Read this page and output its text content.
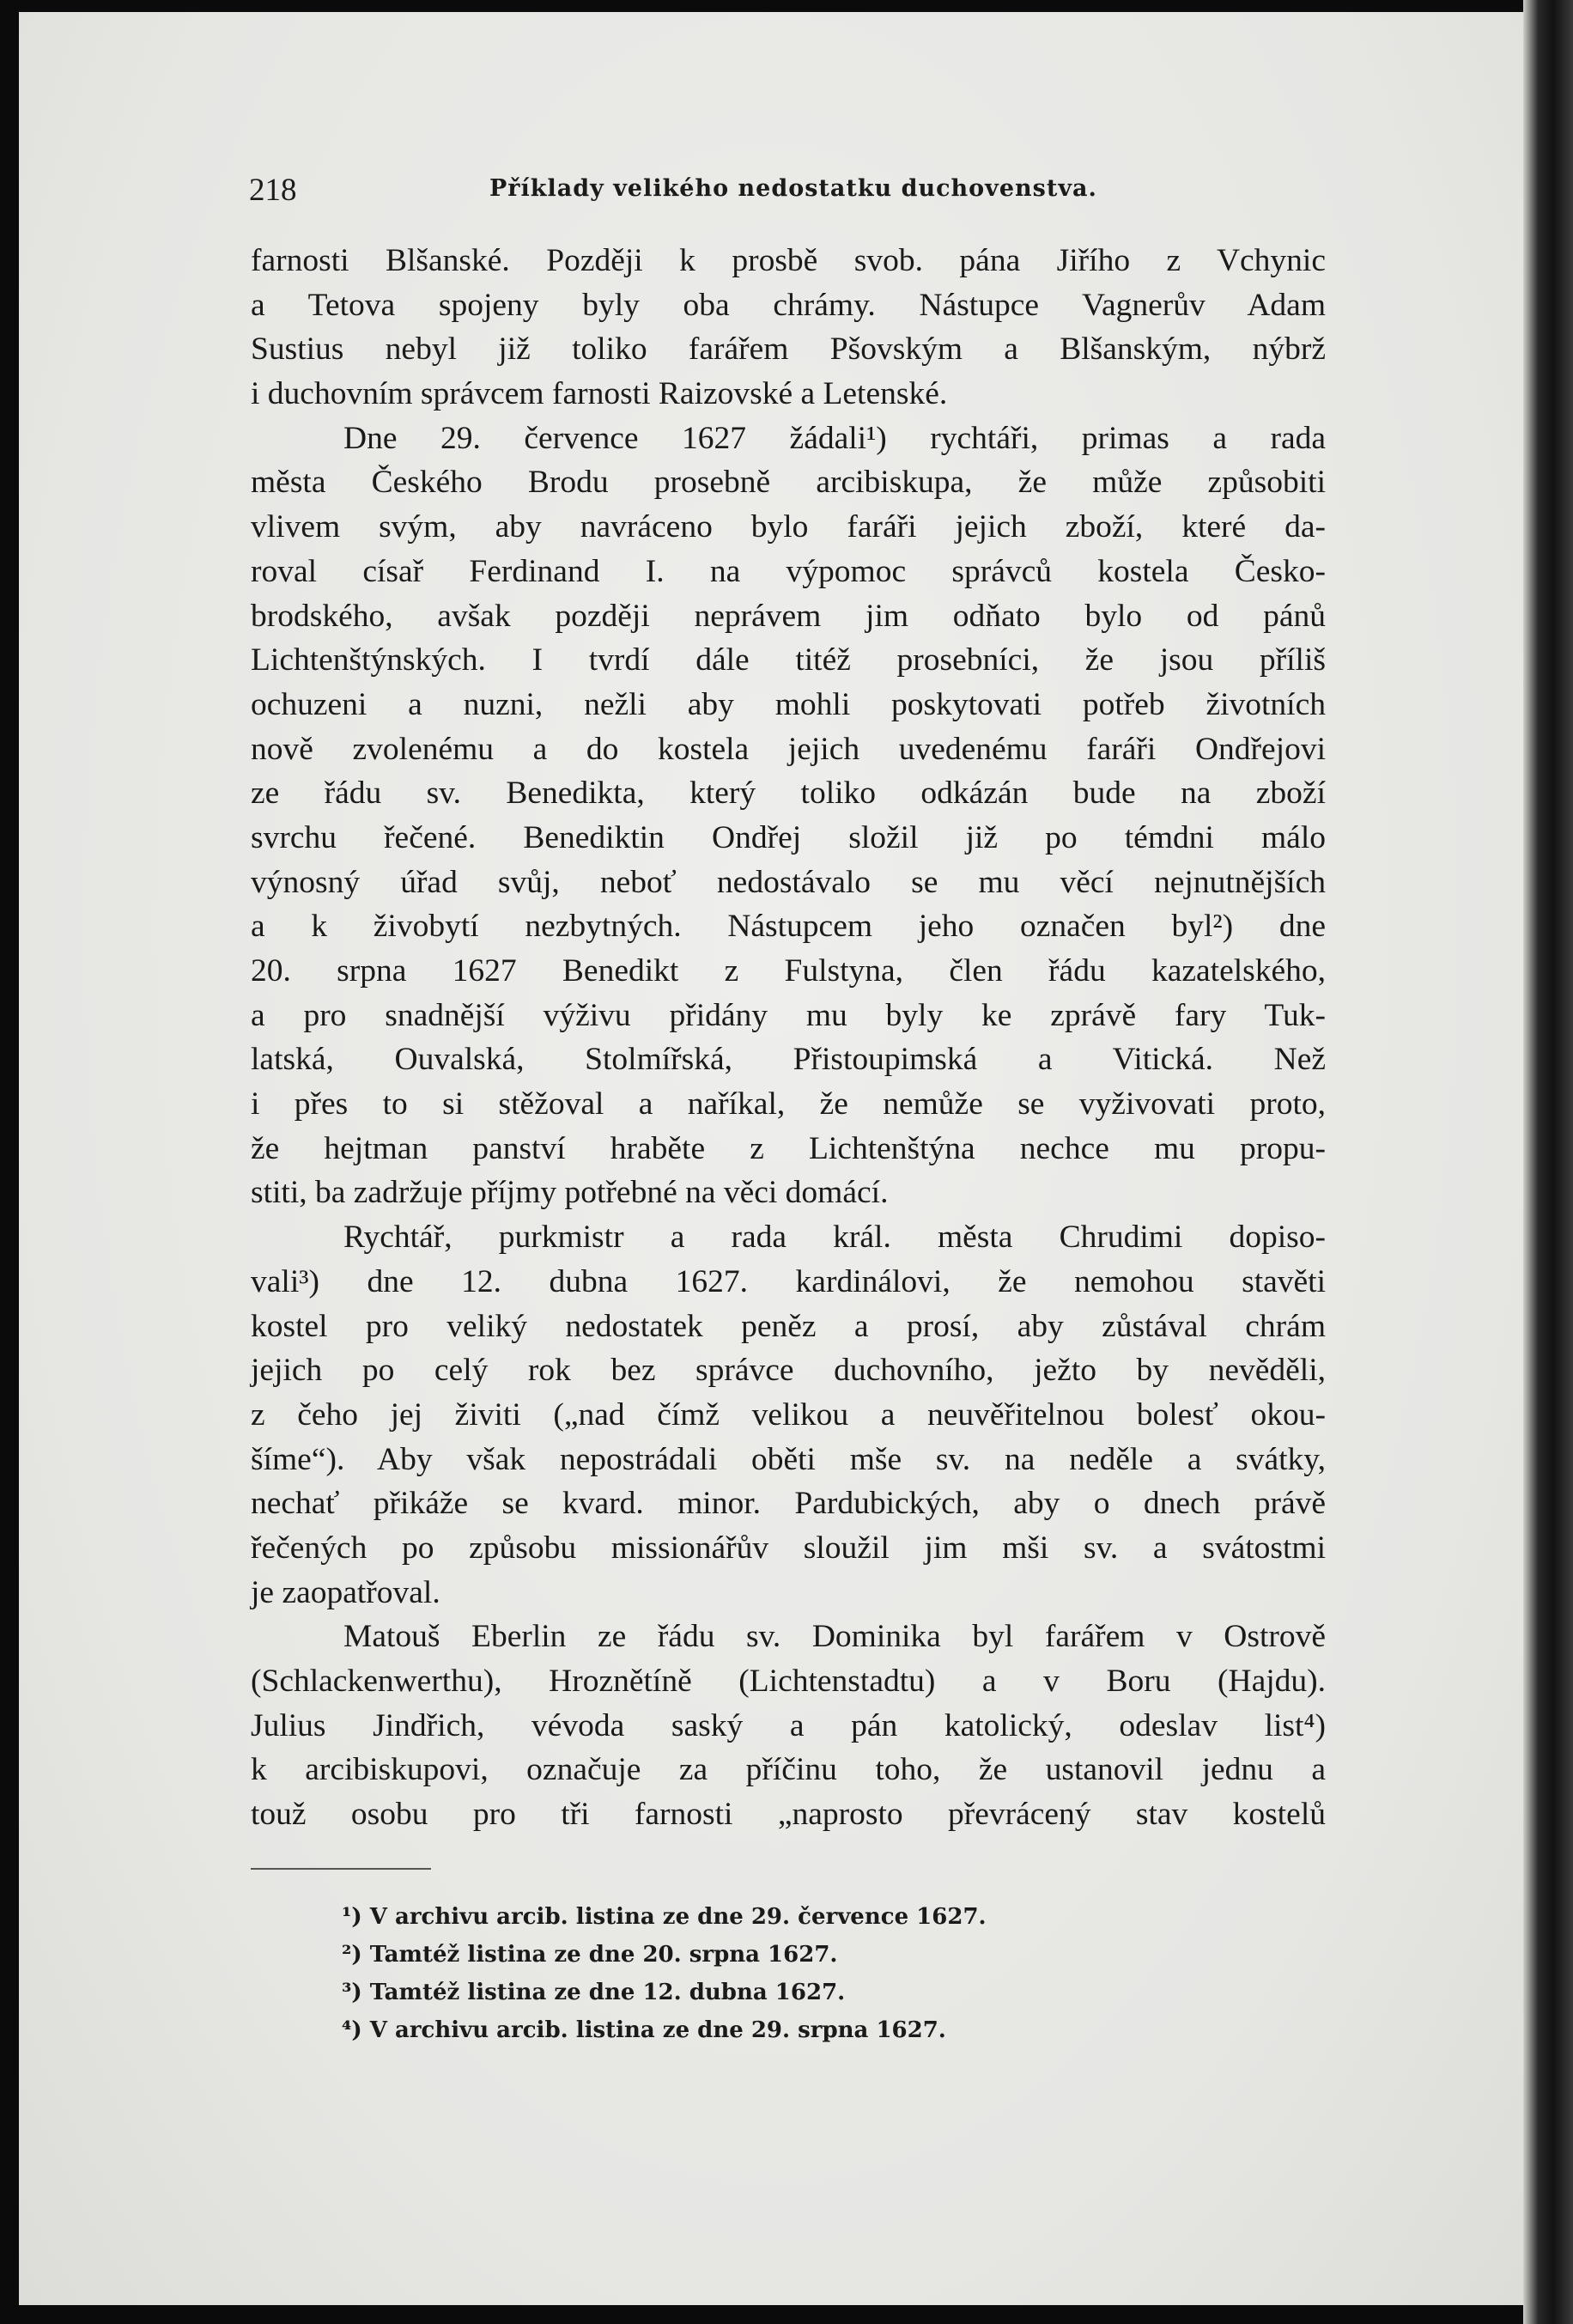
218	Příklady velikého nedostatku duchovenstva.
farnosti Blšanské. Později k prosbě svob. pána Jiřího z Vchynic
a Tetova spojeny byly oba chrámy. Nástupce Vagnerův Adam
Sustius nebyl již toliko farářem Pšovským a Blšanským, nýbrž
i duchovním správcem farnosti Raizovské a Letenské.
Dne 29. července 1627 žádali¹) rychtáři, primas a rada
města Českého Brodu prosebně arcibiskupa, že může způsobiti
vlivem svým, aby navráceno bylo faráři jejich zboží, které da-
roval císař Ferdinand I. na výpomoc správců kostela Česko-
brodského, avšak později neprávem jim odňato bylo od pánů
Lichtenštýnských. I tvrdí dále titéž prosebníci, že jsou příliš
ochuzeni a nuzni, nežli aby mohli poskytovati potřeb životních
nově zvolenému a do kostela jejich uvedenému faráři Ondřejovi
ze řádu sv. Benedikta, který toliko odkázán bude na zboží
svrchu řečené. Benediktin Ondřej složil již po témdni málo
výnosný úřad svůj, neboť nedostávalo se mu věcí nejnutnějších
a k živobytí nezbytných. Nástupcem jeho označen byl²) dne
20. srpna 1627 Benedikt z Fulstyna, člen řádu kazatelského,
a pro snadnější výživu přidány mu byly ke zprávě fary Tuk-
latská, Ouvalská, Stolmířská, Přistoupimská a Vitická. Než
i přes to si stěžoval a naříkal, že nemůže se vyživovati proto,
že hejtman panství hraběte z Lichtenštýna nechce mu propu-
stiti, ba zadržuje příjmy potřebné na věci domácí.
Rychtář, purkmistr a rada král. města Chrudimi dopiso-
vali³) dne 12. dubna 1627. kardinálovi, že nemohou stavěti
kostel pro veliký nedostatek peněz a prosí, aby zůstával chrám
jejich po celý rok bez správce duchovního, ježto by nevěděli,
z čeho jej živiti („nad čímž velikou a neuvěřitelnou bolesť okou-
šíme“). Aby však nepostrádali oběti mše sv. na neděle a svátky,
nechať přikáže se kvard. minor. Pardubických, aby o dnech právě
řečených po způsobu missionářův sloužil jim mši sv. a svátostmi
je zaopatřoval.
Matouš Eberlin ze řádu sv. Dominika byl farářem v Ostrově
(Schlackenwerthu), Hroznětíně (Lichtenstadtu) a v Boru (Hajdu).
Julius Jindřich, vévoda saský a pán katolický, odeslav list⁴)
k arcibiskupovi, označuje za příčinu toho, že ustanovil jednu a
touž osobu pro tři farnosti „naprosto převrácený stav kostelů
¹) V archivu arcib. listina ze dne 29. července 1627.
²) Tamtéž listina ze dne 20. srpna 1627.
³) Tamtéž listina ze dne 12. dubna 1627.
⁴) V archivu arcib. listina ze dne 29. srpna 1627.
